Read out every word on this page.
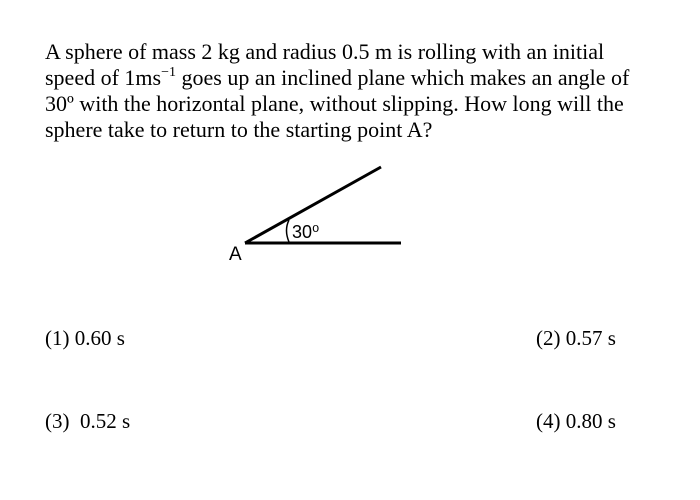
A sphere of mass 2 kg and radius 0.5 m is rolling with an initial speed of $1ms^{-1}$ goes up an inclined plane which makes an angle of 30º with the horizontal plane, without slipping. How long will the sphere take to return to the starting point A?

30⁰
A
(1) 0.60 s	(2) 0.57 s
(3)  0.52 s	(4) 0.80 s
